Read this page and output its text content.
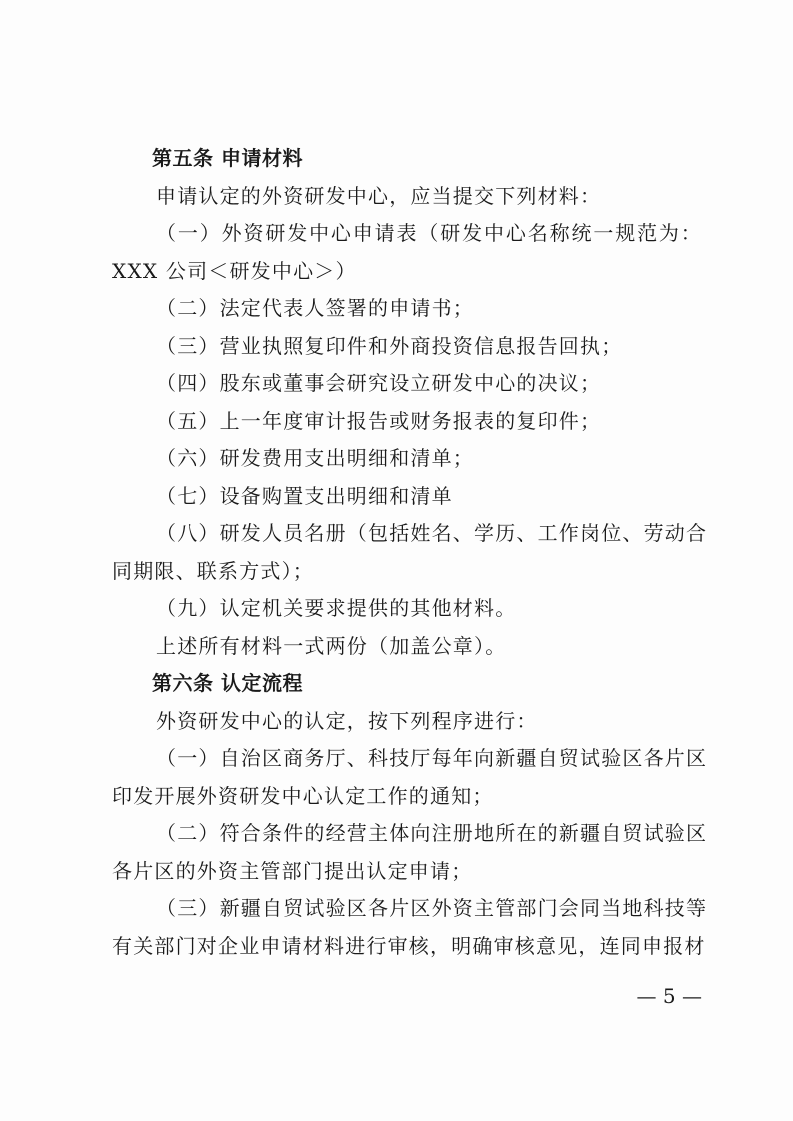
第五条 申请材料
申请认定的外资研发中心，应当提交下列材料：
（一）外资研发中心申请表（研发中心名称统一规范为：
XXX 公司＜研发中心＞）
（二）法定代表人签署的申请书；
（三）营业执照复印件和外商投资信息报告回执；
（四）股东或董事会研究设立研发中心的决议；
（五）上一年度审计报告或财务报表的复印件；
（六）研发费用支出明细和清单；
（七）设备购置支出明细和清单
（八）研发人员名册（包括姓名、学历、工作岗位、劳动合
同期限、联系方式）；
（九）认定机关要求提供的其他材料。
上述所有材料一式两份（加盖公章）。
第六条 认定流程
外资研发中心的认定，按下列程序进行：
（一）自治区商务厅、科技厅每年向新疆自贸试验区各片区
印发开展外资研发中心认定工作的通知；
（二）符合条件的经营主体向注册地所在的新疆自贸试验区
各片区的外资主管部门提出认定申请；
（三）新疆自贸试验区各片区外资主管部门会同当地科技等
有关部门对企业申请材料进行审核，明确审核意见，连同申报材
— 5 —
